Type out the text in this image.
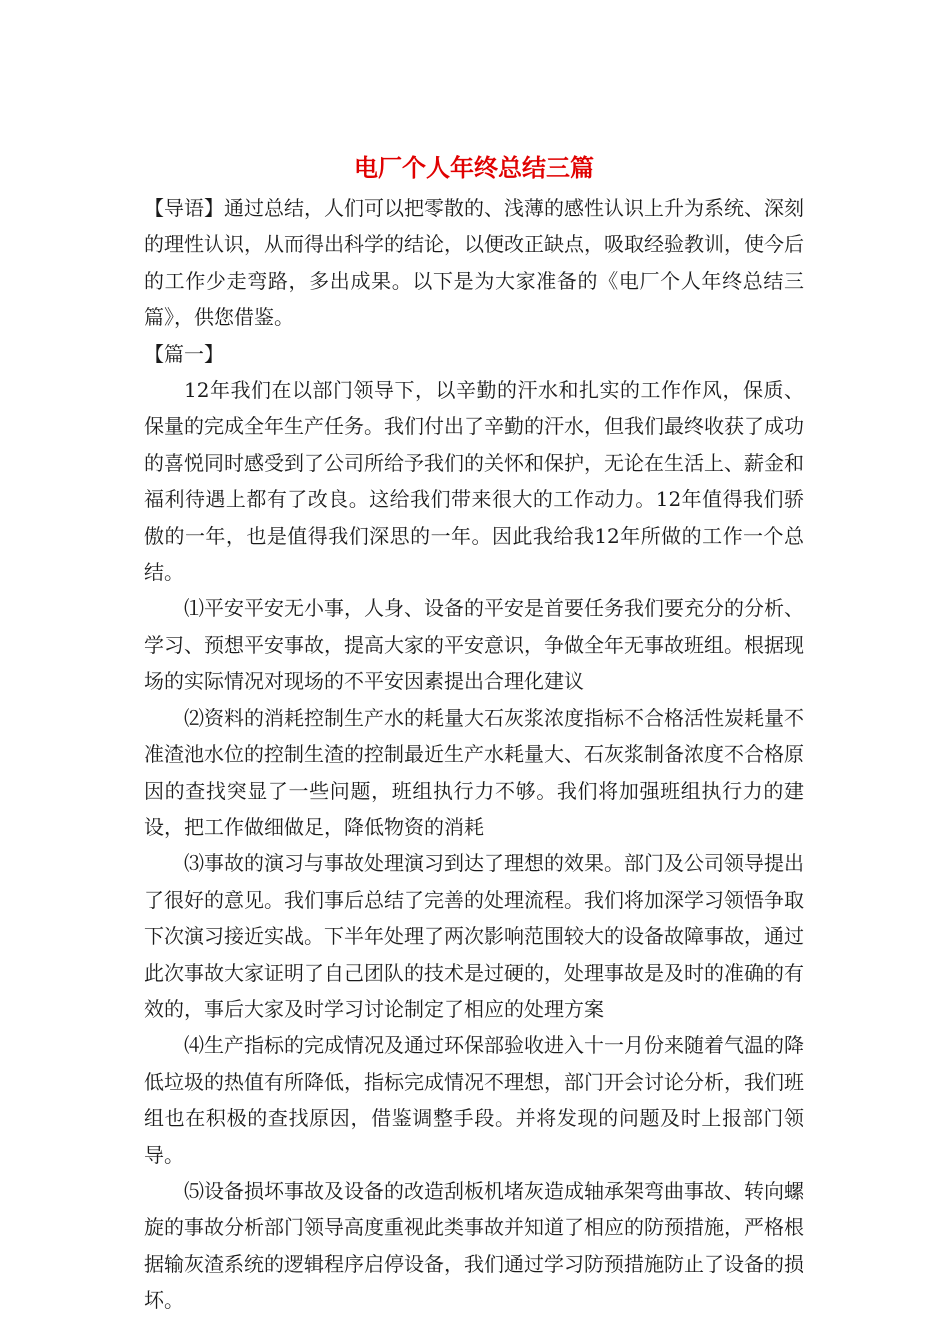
电厂个人年终总结三篇

【导语】通过总结，人们可以把零散的、浅薄的感性认识上升为系统、深刻的理性认识，从而得出科学的结论，以便改正缺点，吸取经验教训，使今后的工作少走弯路，多出成果。以下是为大家准备的《电厂个人年终总结三篇》，供您借鉴。

【篇一】

12年我们在以部门领导下，以辛勤的汗水和扎实的工作作风，保质、保量的完成全年生产任务。我们付出了辛勤的汗水，但我们最终收获了成功的喜悦同时感受到了公司所给予我们的关怀和保护，无论在生活上、薪金和福利待遇上都有了改良。这给我们带来很大的工作动力。12年值得我们骄傲的一年，也是值得我们深思的一年。因此我给我12年所做的工作一个总结。

⑴平安平安无小事，人身、设备的平安是首要任务我们要充分的分析、学习、预想平安事故，提高大家的平安意识，争做全年无事故班组。根据现场的实际情况对现场的不平安因素提出合理化建议

⑵资料的消耗控制生产水的耗量大石灰浆浓度指标不合格活性炭耗量不准渣池水位的控制生渣的控制最近生产水耗量大、石灰浆制备浓度不合格原因的查找突显了一些问题，班组执行力不够。我们将加强班组执行力的建设，把工作做细做足，降低物资的消耗

⑶事故的演习与事故处理演习到达了理想的效果。部门及公司领导提出了很好的意见。我们事后总结了完善的处理流程。我们将加深学习领悟争取下次演习接近实战。下半年处理了两次影响范围较大的设备故障事故，通过此次事故大家证明了自己团队的技术是过硬的，处理事故是及时的准确的有效的，事后大家及时学习讨论制定了相应的处理方案

⑷生产指标的完成情况及通过环保部验收进入十一月份来随着气温的降低垃圾的热值有所降低，指标完成情况不理想，部门开会讨论分析，我们班组也在积极的查找原因，借鉴调整手段。并将发现的问题及时上报部门领导。

⑸设备损坏事故及设备的改造刮板机堵灰造成轴承架弯曲事故、转向螺旋的事故分析部门领导高度重视此类事故并知道了相应的防预措施，严格根据输灰渣系统的逻辑程序启停设备，我们通过学习防预措施防止了设备的损坏。
